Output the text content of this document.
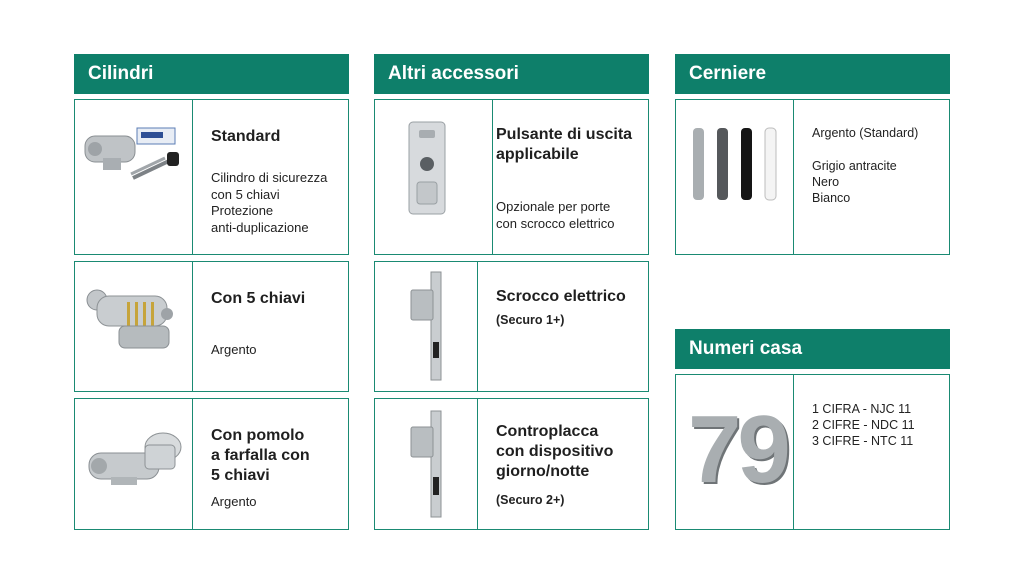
Cilindri
Standard
Cilindro di sicurezza
con 5 chiavi
Protezione
anti-duplicazione
Con 5 chiavi
Argento
Con pomolo
a farfalla con
5 chiavi
Argento
Altri accessori
Pulsante di uscita
applicabile
Opzionale per porte
con scrocco elettrico
Scrocco elettrico
(Securo 1+)
Controplacca
con dispositivo
giorno/notte
(Securo 2+)
Cerniere
Argento (Standard)
Grigio antracite
Nero
Bianco
Numeri casa
79 1 CIFRA - NJC 11
2 CIFRE - NDC 11
3 CIFRE - NTC 11
